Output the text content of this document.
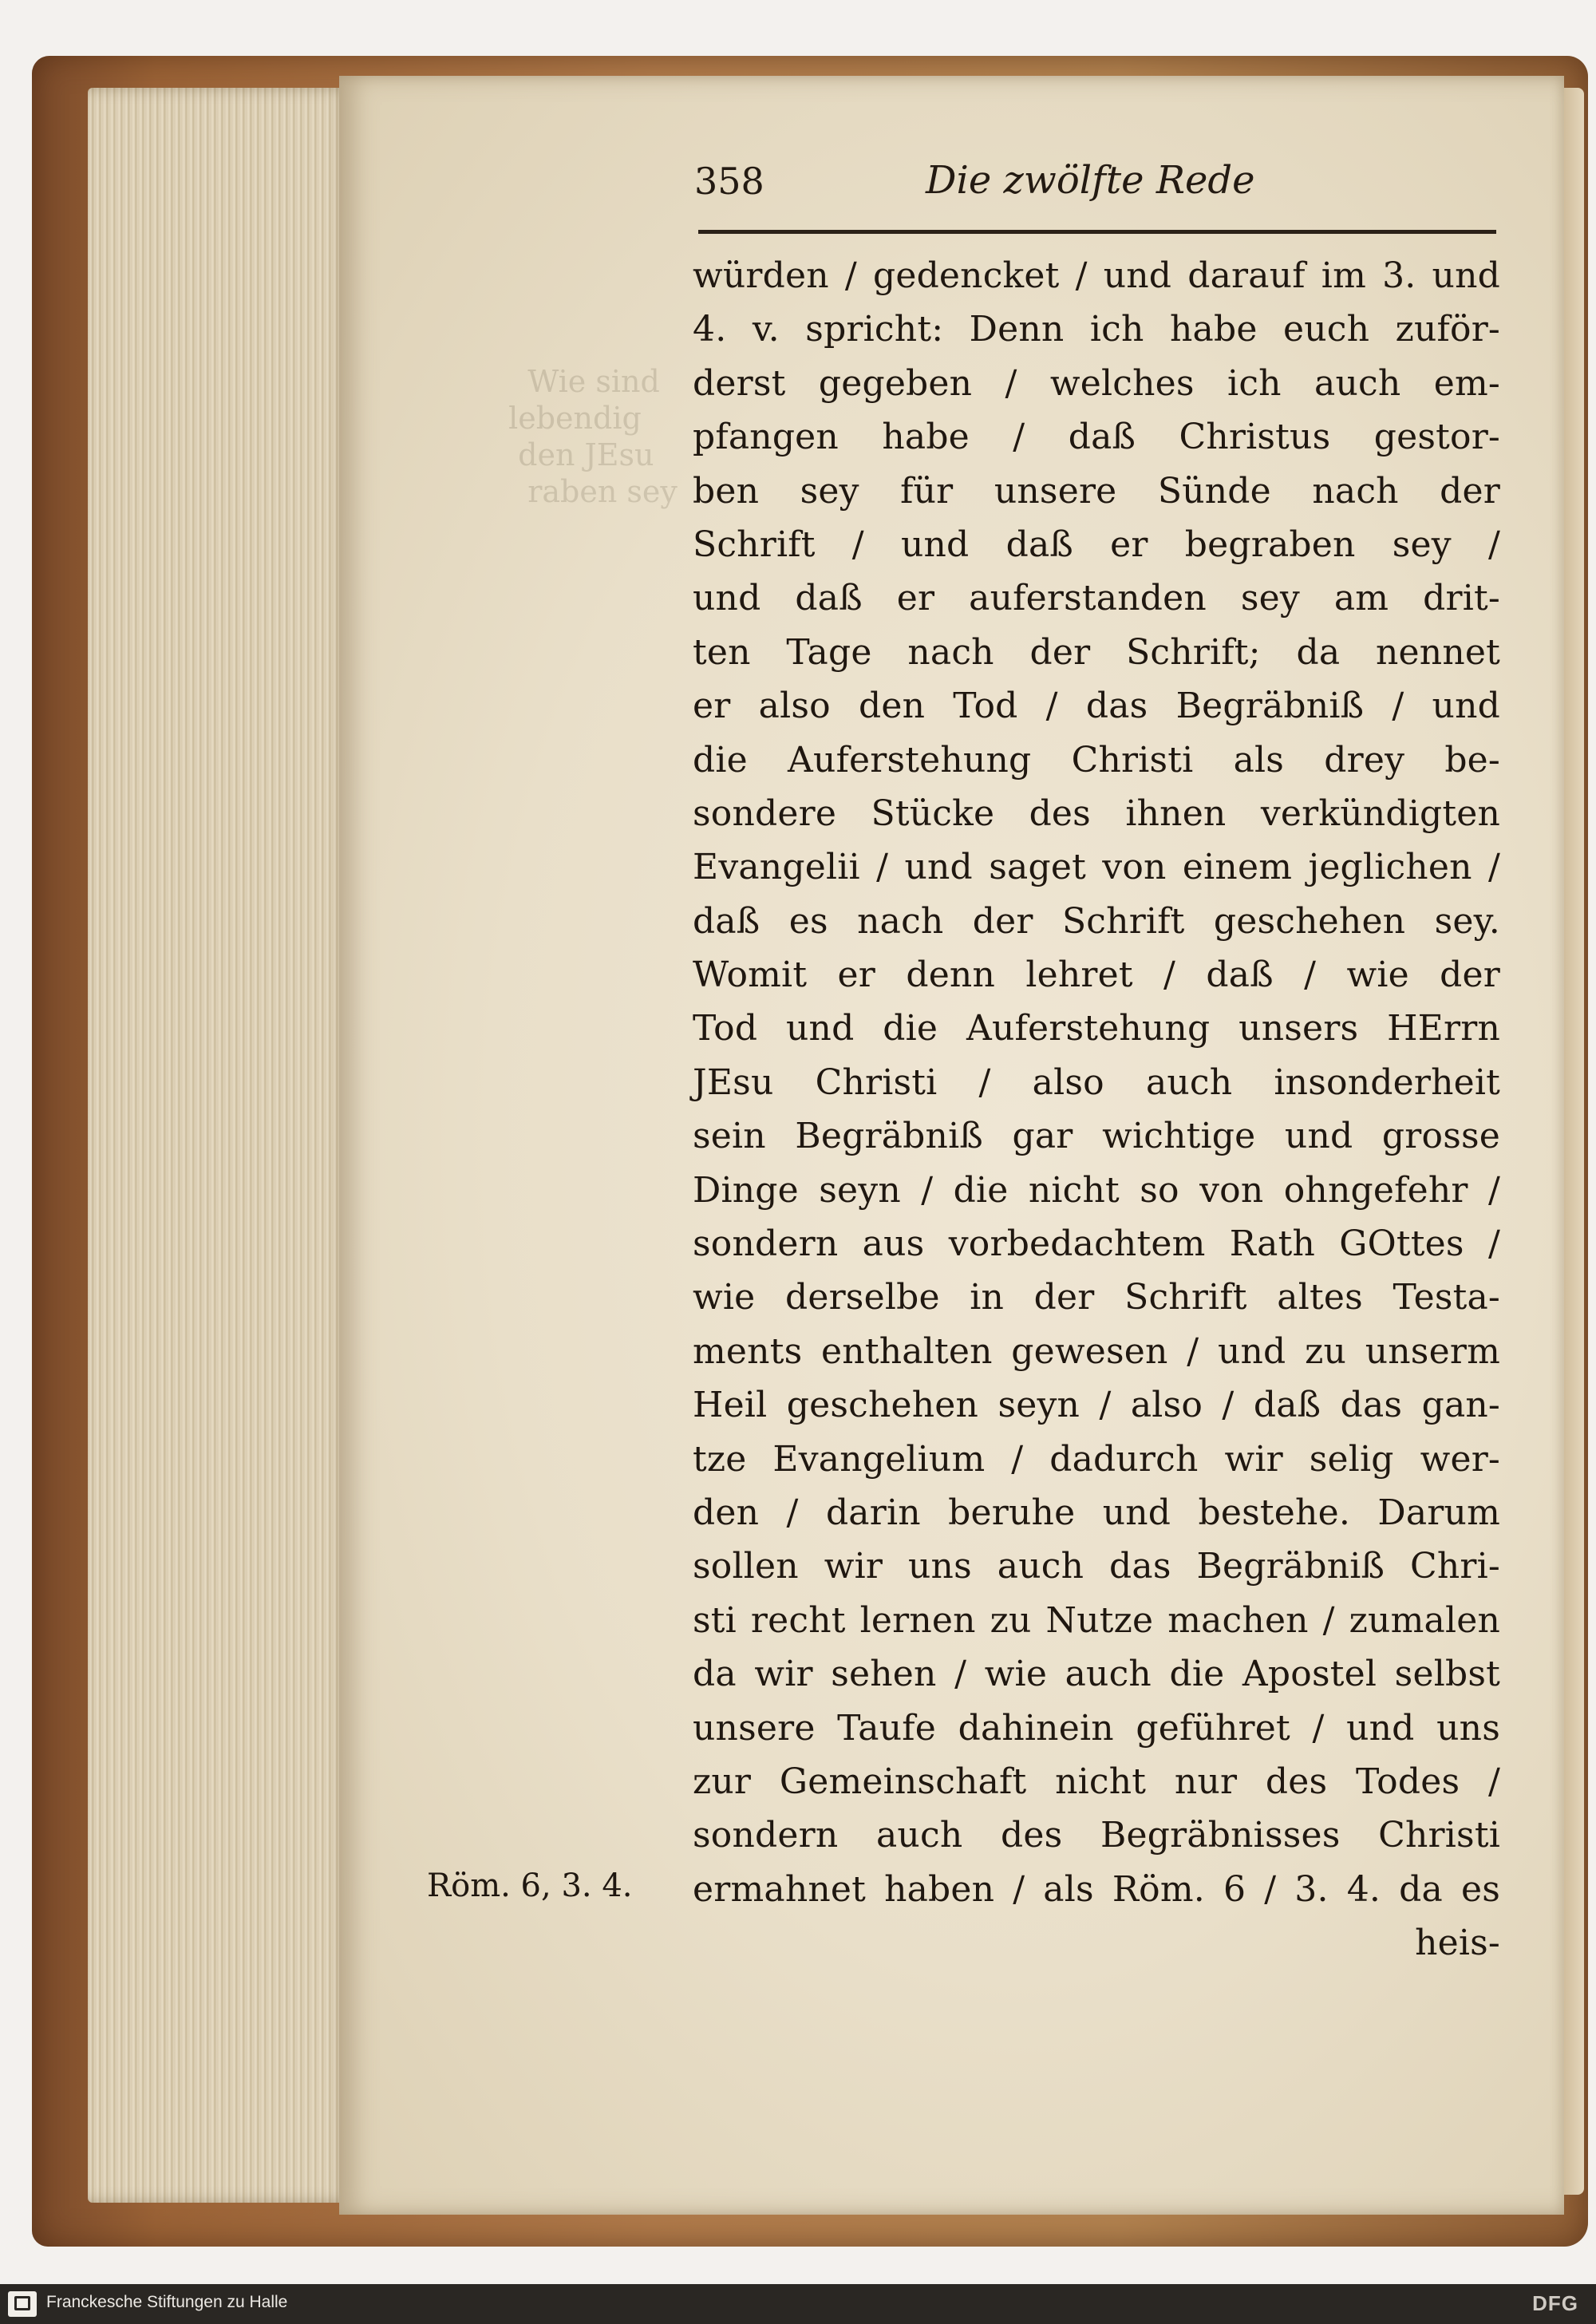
Wie sind
lebendig
den JEsu
raben sey
358	Die zwölfte Rede
würden / gedencket / und darauf im 3. und
4. v. spricht: Denn ich habe euch zuför-
derst gegeben / welches ich auch em-
pfangen habe / daß Christus gestor-
ben sey für unsere Sünde nach der
Schrift / und daß er begraben sey /
und daß er auferstanden sey am drit-
ten Tage nach der Schrift; da nennet
er also den Tod / das Begräbniß / und
die Auferstehung Christi als drey be-
sondere Stücke des ihnen verkündigten
Evangelii / und saget von einem jeglichen /
daß es nach der Schrift geschehen sey.
Womit er denn lehret / daß / wie der
Tod und die Auferstehung unsers HErrn
JEsu Christi / also auch insonderheit
sein Begräbniß gar wichtige und grosse
Dinge seyn / die nicht so von ohngefehr /
sondern aus vorbedachtem Rath GOttes /
wie derselbe in der Schrift altes Testa-
ments enthalten gewesen / und zu unserm
Heil geschehen seyn / also / daß das gan-
tze Evangelium / dadurch wir selig wer-
den / darin beruhe und bestehe. Darum
sollen wir uns auch das Begräbniß Chri-
sti recht lernen zu Nutze machen / zumalen
da wir sehen / wie auch die Apostel selbst
unsere Taufe dahinein geführet / und uns
zur Gemeinschaft nicht nur des Todes /
sondern auch des Begräbnisses Christi
ermahnet haben / als Röm. 6 / 3. 4. da es
heis-
Röm. 6, 3. 4.
Franckesche Stiftungen zu Halle	DFG
